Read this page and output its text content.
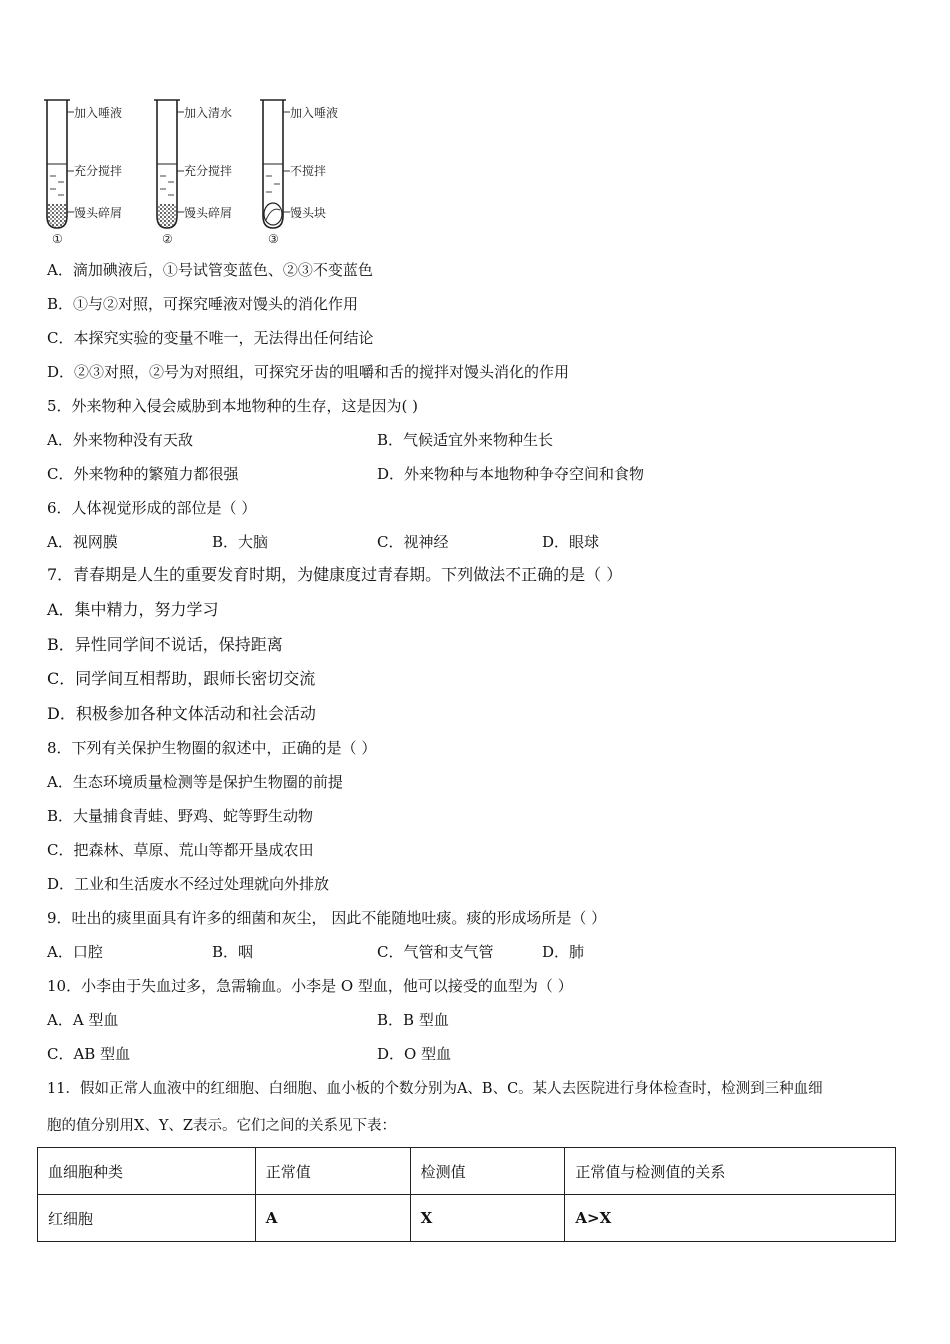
加入唾液
充分搅拌
馒头碎屑
①
加入清水
充分搅拌
馒头碎屑
②
加入唾液
不搅拌
馒头块
③
A．滴加碘液后，①号试管变蓝色、②③不变蓝色
B．①与②对照，可探究唾液对馒头的消化作用
C．本探究实验的变量不唯一，无法得出任何结论
D．②③对照，②号为对照组，可探究牙齿的咀嚼和舌的搅拌对馒头消化的作用
5．外来物种入侵会威胁到本地物种的生存，这是因为( )
A．外来物种没有天敌	B．气候适宜外来物种生长
C．外来物种的繁殖力都很强	D．外来物种与本地物种争夺空间和食物
6．人体视觉形成的部位是（ ）
A．视网膜	B．大脑	C．视神经	D．眼球
7．青春期是人生的重要发育时期，为健康度过青春期。下列做法不正确的是（ ）
A．集中精力，努力学习
B．异性同学间不说话，保持距离
C．同学间互相帮助，跟师长密切交流
D．积极参加各种文体活动和社会活动
8．下列有关保护生物圈的叙述中，正确的是（ ）
A．生态环境质量检测等是保护生物圈的前提
B．大量捕食青蛙、野鸡、蛇等野生动物
C．把森林、草原、荒山等都开垦成农田
D．工业和生活废水不经过处理就向外排放
9．吐出的痰里面具有许多的细菌和灰尘， 因此不能随地吐痰。痰的形成场所是（ ）
A．口腔	B．咽	C．气管和支气管	D．肺
10．小李由于失血过多，急需输血。小李是 O 型血，他可以接受的血型为（ ）
A．A 型血	B．B 型血
C．AB 型血	D．O 型血
11．假如正常人血液中的红细胞、白细胞、血小板的个数分别为A、B、C。某人去医院进行身体检查时，检测到三种血细
胞的值分别用X、Y、Z表示。它们之间的关系见下表：
血细胞种类	正常值	检测值	正常值与检测值的关系
红细胞	A	X	A>X
